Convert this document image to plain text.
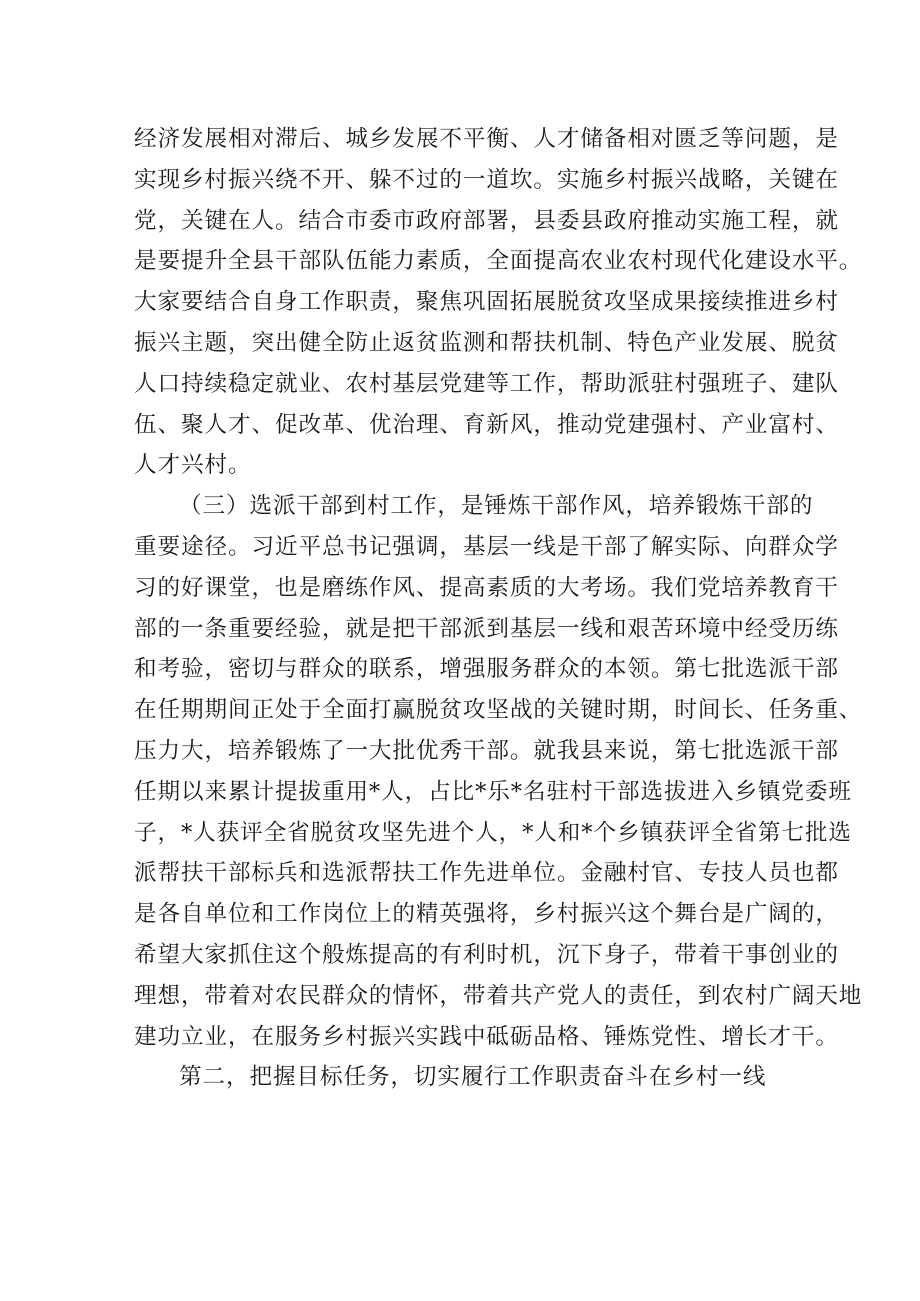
经济发展相对滞后、城乡发展不平衡、人才储备相对匮乏等问题，是
实现乡村振兴绕不开、躲不过的一道坎。实施乡村振兴战略，关键在
党，关键在人。结合市委市政府部署，县委县政府推动实施工程，就
是要提升全县干部队伍能力素质，全面提高农业农村现代化建设水平。
大家要结合自身工作职责，聚焦巩固拓展脱贫攻坚成果接续推进乡村
振兴主题，突出健全防止返贫监测和帮扶机制、特色产业发展、脱贫
人口持续稳定就业、农村基层党建等工作，帮助派驻村强班子、建队
伍、聚人才、促改革、优治理、育新风，推动党建强村、产业富村、
人才兴村。
（三）选派干部到村工作，是锤炼干部作风，培养锻炼干部的
重要途径。习近平总书记强调，基层一线是干部了解实际、向群众学
习的好课堂，也是磨练作风、提高素质的大考场。我们党培养教育干
部的一条重要经验，就是把干部派到基层一线和艰苦环境中经受历练
和考验，密切与群众的联系，增强服务群众的本领。第七批选派干部
在任期期间正处于全面打赢脱贫攻坚战的关键时期，时间长、任务重、
压力大，培养锻炼了一大批优秀干部。就我县来说，第七批选派干部
任期以来累计提拔重用*人，占比*乐*名驻村干部选拔进入乡镇党委班
子，*人获评全省脱贫攻坚先进个人，*人和*个乡镇获评全省第七批选
派帮扶干部标兵和选派帮扶工作先进单位。金融村官、专技人员也都
是各自单位和工作岗位上的精英强将，乡村振兴这个舞台是广阔的，
希望大家抓住这个般炼提高的有利时机，沉下身子，带着干事创业的
理想，带着对农民群众的情怀，带着共产党人的责任，到农村广阔天地
建功立业，在服务乡村振兴实践中砥砺品格、锤炼党性、增长才干。
第二，把握目标任务，切实履行工作职责奋斗在乡村一线
